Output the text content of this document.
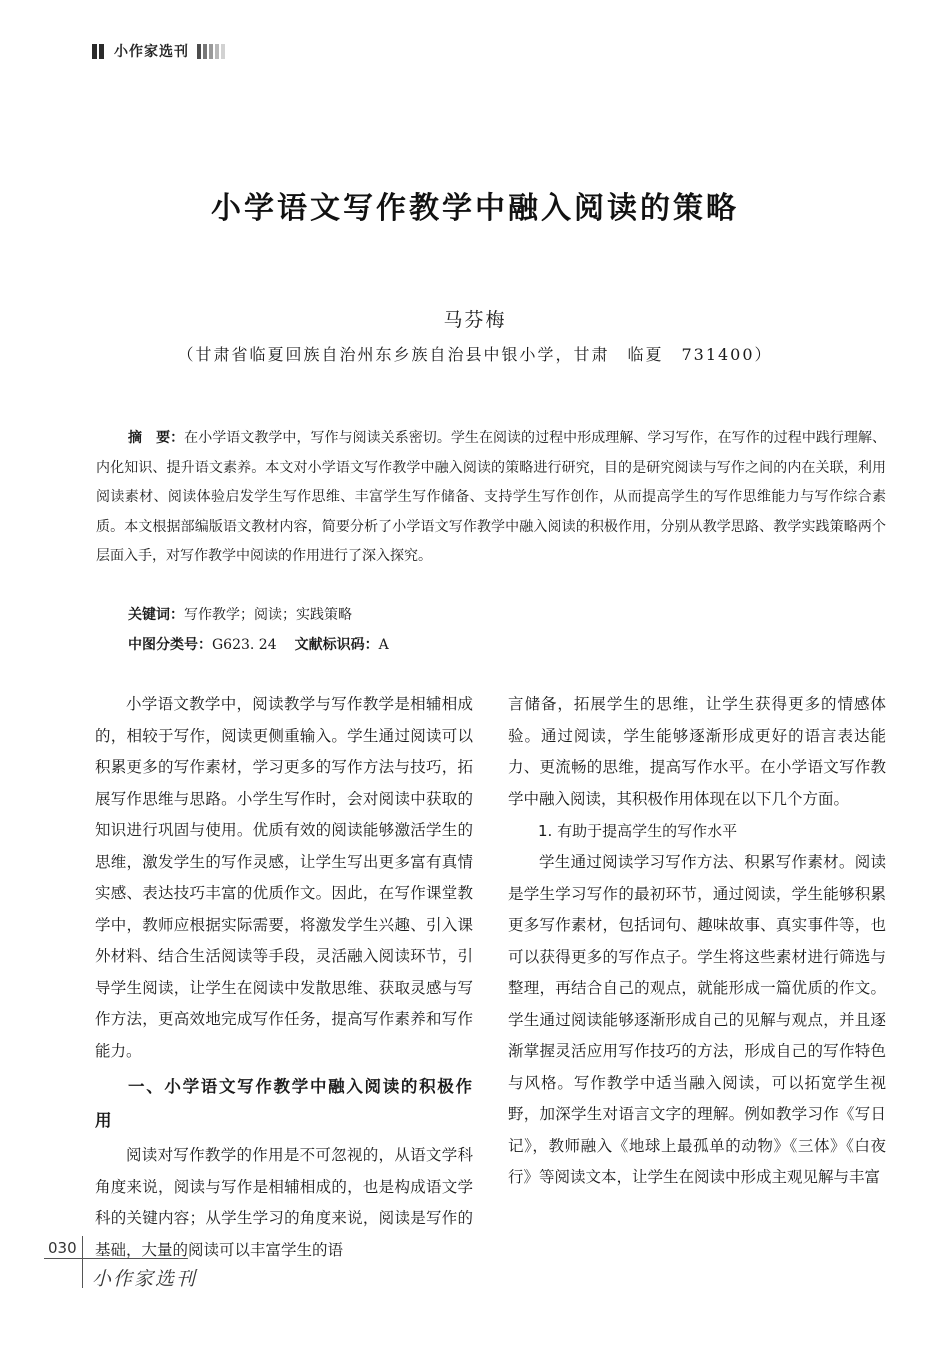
小作家选刊
小学语文写作教学中融入阅读的策略
马芬梅
（甘肃省临夏回族自治州东乡族自治县中银小学，甘肃　临夏　731400）
摘　要：在小学语文教学中，写作与阅读关系密切。学生在阅读的过程中形成理解、学习写作，在写作的过程中践行理解、内化知识、提升语文素养。本文对小学语文写作教学中融入阅读的策略进行研究，目的是研究阅读与写作之间的内在关联，利用阅读素材、阅读体验启发学生写作思维、丰富学生写作储备、支持学生写作创作，从而提高学生的写作思维能力与写作综合素质。本文根据部编版语文教材内容，简要分析了小学语文写作教学中融入阅读的积极作用，分别从教学思路、教学实践策略两个层面入手，对写作教学中阅读的作用进行了深入探究。
关键词：写作教学；阅读；实践策略
中图分类号：G623. 24 文献标识码：A

小学语文教学中，阅读教学与写作教学是相辅相成的，相较于写作，阅读更侧重输入。学生通过阅读可以积累更多的写作素材，学习更多的写作方法与技巧，拓展写作思维与思路。小学生写作时，会对阅读中获取的知识进行巩固与使用。优质有效的阅读能够激活学生的思维，激发学生的写作灵感，让学生写出更多富有真情实感、表达技巧丰富的优质作文。因此，在写作课堂教学中，教师应根据实际需要，将激发学生兴趣、引入课外材料、结合生活阅读等手段，灵活融入阅读环节，引导学生阅读，让学生在阅读中发散思维、获取灵感与写作方法，更高效地完成写作任务，提高写作素养和写作能力。

一、小学语文写作教学中融入阅读的积极作用

阅读对写作教学的作用是不可忽视的，从语文学科角度来说，阅读与写作是相辅相成的，也是构成语文学科的关键内容；从学生学习的角度来说，阅读是写作的基础，大量的阅读可以丰富学生的语

言储备，拓展学生的思维，让学生获得更多的情感体验。通过阅读，学生能够逐渐形成更好的语言表达能力、更流畅的思维，提高写作水平。在小学语文写作教学中融入阅读，其积极作用体现在以下几个方面。

1. 有助于提高学生的写作水平

学生通过阅读学习写作方法、积累写作素材。阅读是学生学习写作的最初环节，通过阅读，学生能够积累更多写作素材，包括词句、趣味故事、真实事件等，也可以获得更多的写作点子。学生将这些素材进行筛选与整理，再结合自己的观点，就能形成一篇优质的作文。学生通过阅读能够逐渐形成自己的见解与观点，并且逐渐掌握灵活应用写作技巧的方法，形成自己的写作特色与风格。写作教学中适当融入阅读，可以拓宽学生视野，加深学生对语言文字的理解。例如教学习作《写日记》，教师融入《地球上最孤单的动物》《三体》《白夜行》等阅读文本，让学生在阅读中形成主观见解与丰富

030
小作家选刊
